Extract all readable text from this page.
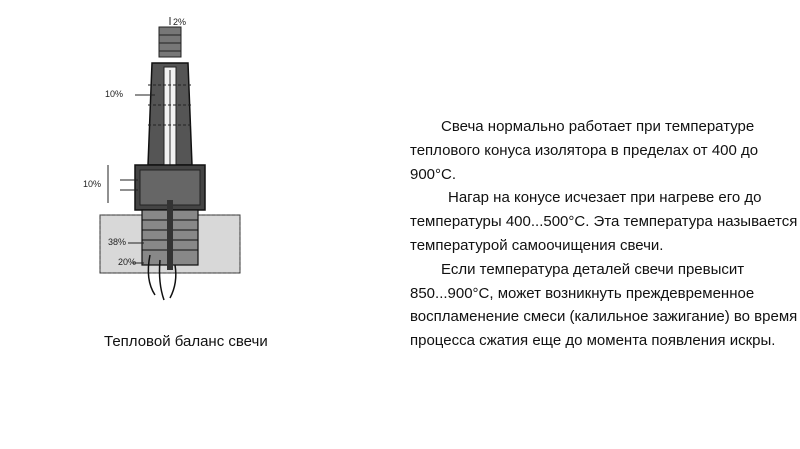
2%
10%
10%
38%
20%
Тепловой баланс свечи

Свеча нормально работает при температуре теплового конуса изолятора в пределах от 400 до 900°С.

Нагар на конусе исчезает при нагреве его до температуры 400...500°С. Эта температура называется температурой самоочищения свечи.

Если температура деталей свечи превысит 850...900°С, может возникнуть преждевременное воспламенение смеси (калильное зажигание) во время процесса сжатия еще до момента появления искры.
